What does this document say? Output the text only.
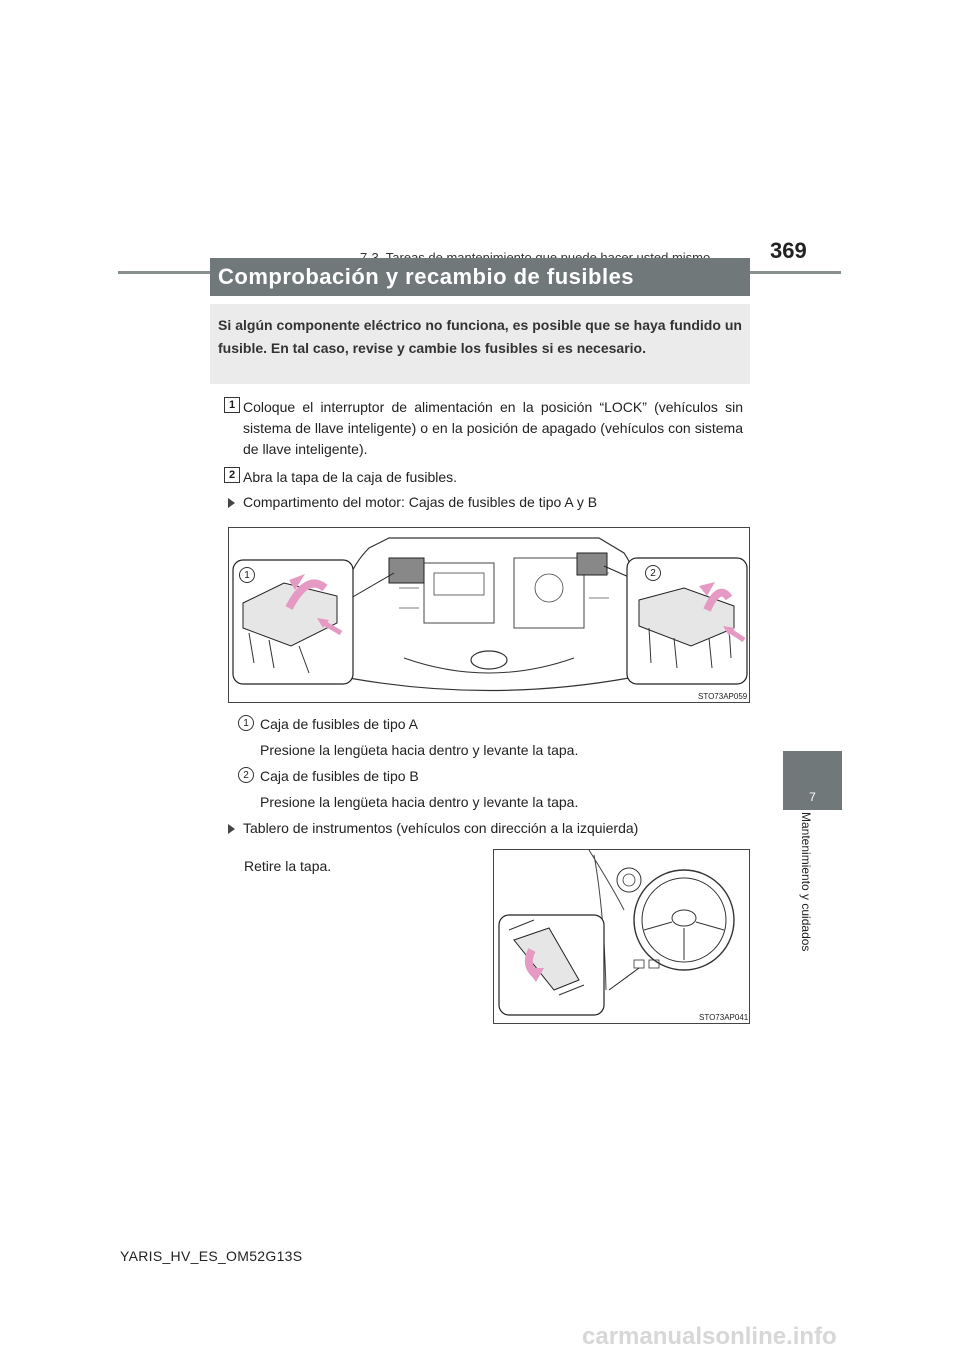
369
Comprobación y recambio de fusibles
Si algún componente eléctrico no funciona, es posible que se haya fundido un fusible. En tal caso, revise y cambie los fusibles si es necesario.
7
Mantenimiento y cuidados
1 Coloque el interruptor de alimentación en la posición “LOCK” (vehículos sin sistema de llave inteligente) o en la posición de apagado (vehículos con sistema de llave inteligente).
2 Abra la tapa de la caja de fusibles.
Compartimento del motor: Cajas de fusibles de tipo A y B
1	2
STO73AP059
1 Caja de fusibles de tipo A
Presione la lengüeta hacia dentro y levante la tapa.
2 Caja de fusibles de tipo B
Presione la lengüeta hacia dentro y levante la tapa.
Tablero de instrumentos (vehículos con dirección a la izquierda)
Retire la tapa.
STO73AP041
YARIS_HV_ES_OM52G13S
carmanualsonline.info
